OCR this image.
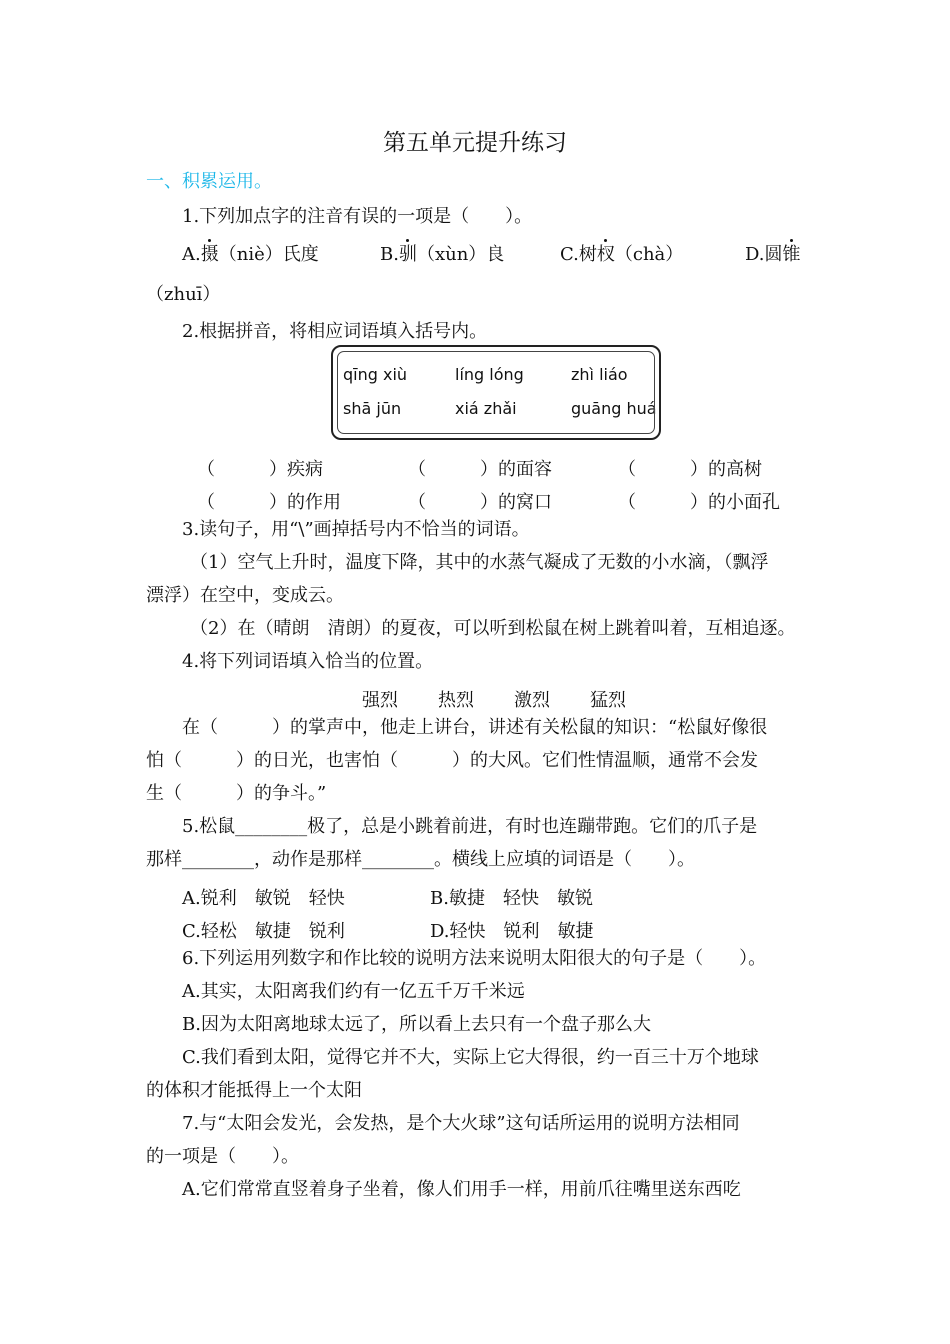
第五单元提升练习
一、积累运用。
1.下列加点字的注音有误的一项是（　　）。
A.摄（niè）氏度	B.驯（xùn）良	C.树杈（chà）	D.圆锥
（zhuī）
2.根据拼音，将相应词语填入括号内。
qīng xiù	líng lóng	zhì liáo
shā jūn	xiá zhǎi	guāng huá
（　　　）疾病	（　　　）的面容	（　　　）的高树
（　　　）的作用	（　　　）的窝口	（　　　）的小面孔
3.读句子，用“\”画掉括号内不恰当的词语。
（1）空气上升时，温度下降，其中的水蒸气凝成了无数的小水滴，（飘浮
漂浮）在空中，变成云。
（2）在（晴朗　清朗）的夏夜，可以听到松鼠在树上跳着叫着，互相追逐。
4.将下列词语填入恰当的位置。
强烈 热烈 激烈 猛烈
在（　　　）的掌声中，他走上讲台，讲述有关松鼠的知识：“松鼠好像很
怕（　　　）的日光，也害怕（　　　）的大风。它们性情温顺，通常不会发
生（　　　）的争斗。”
5.松鼠________极了，总是小跳着前进，有时也连蹦带跑。它们的爪子是
那样________，动作是那样________。横线上应填的词语是（　　）。
A.锐利　敏锐　轻快	B.敏捷　轻快　敏锐
C.轻松　敏捷　锐利	D.轻快　锐利　敏捷
6.下列运用列数字和作比较的说明方法来说明太阳很大的句子是（　　）。
A.其实，太阳离我们约有一亿五千万千米远
B.因为太阳离地球太远了，所以看上去只有一个盘子那么大
C.我们看到太阳，觉得它并不大，实际上它大得很，约一百三十万个地球
的体积才能抵得上一个太阳
7.与“太阳会发光，会发热，是个大火球”这句话所运用的说明方法相同
的一项是（　　）。
A.它们常常直竖着身子坐着，像人们用手一样，用前爪往嘴里送东西吃
